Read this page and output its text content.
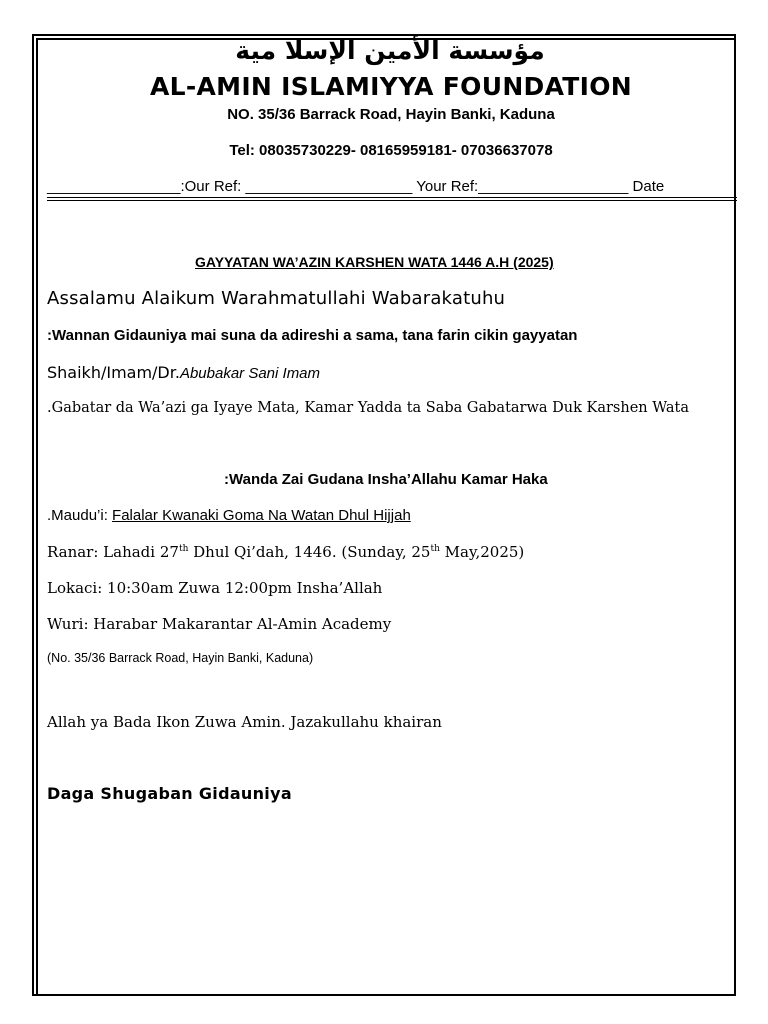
مؤسسة الأمين الإسلا مية

AL-AMIN ISLAMIYYA FOUNDATION

NO. 35/36 Barrack Road, Hayin Banki, Kaduna

Tel: 08035730229- 08165959181- 07036637078

________________:Our Ref: ____________________ Your Ref:__________________ Date

GAYYATAN WA’AZIN KARSHEN WATA 1446 A.H (2025)

Assalamu Alaikum Warahmatullahi Wabarakatuhu

:Wannan Gidauniya mai suna da adireshi a sama, tana farin cikin gayyatan

Shaikh/Imam/Dr.Abubakar Sani Imam

.Gabatar da Wa’azi ga Iyaye Mata, Kamar Yadda ta Saba Gabatarwa Duk Karshen Wata

:Wanda Zai Gudana Insha’Allahu Kamar Haka

.Maudu’i: Falalar Kwanaki Goma Na Watan Dhul Hijjah

Ranar: Lahadi 27th Dhul Qi’dah, 1446. (Sunday, 25th May,2025)

Lokaci: 10:30am Zuwa 12:00pm Insha’Allah

Wuri: Harabar Makarantar Al-Amin Academy

(No. 35/36 Barrack Road, Hayin Banki, Kaduna)

Allah ya Bada Ikon Zuwa Amin. Jazakullahu khairan

Daga Shugaban Gidauniya
